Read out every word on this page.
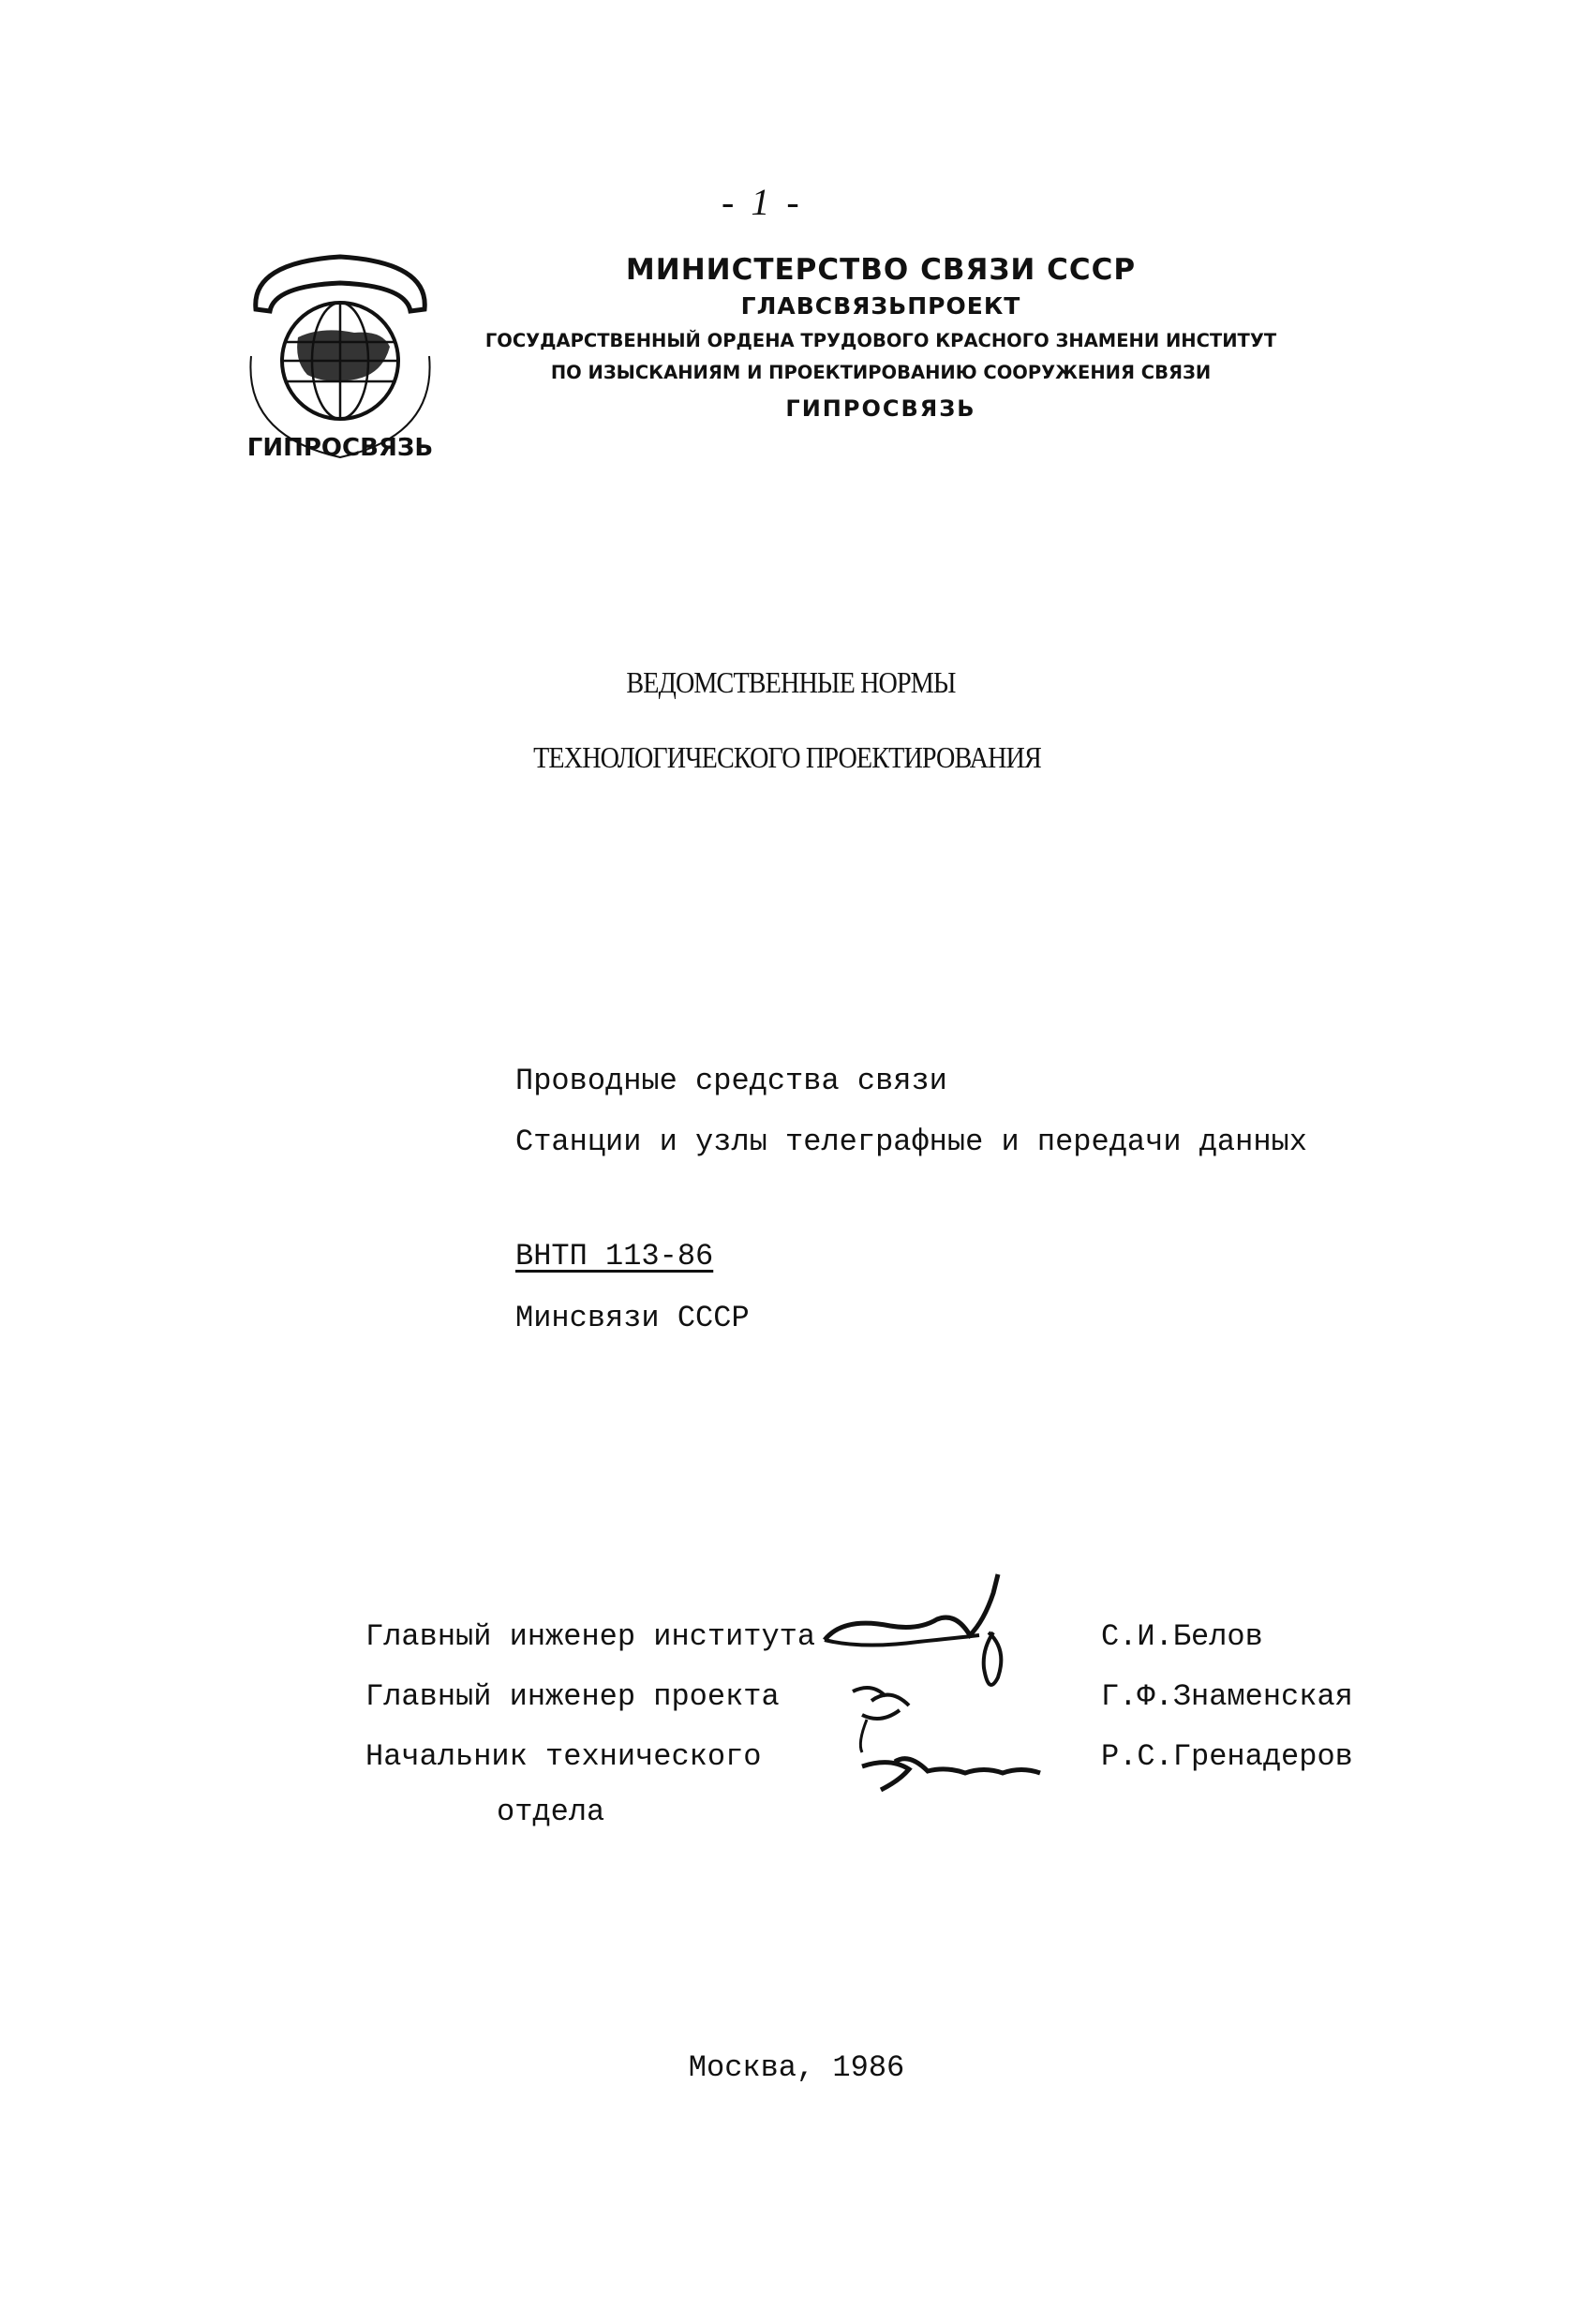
- 1 -
ГИПРОСВЯЗЬ
МИНИСТЕРСТВО СВЯЗИ СССР
ГЛАВСВЯЗЬПРОЕКТ
ГОСУДАРСТВЕННЫЙ ОРДЕНА ТРУДОВОГО КРАСНОГО ЗНАМЕНИ ИНСТИТУТ
ПО ИЗЫСКАНИЯМ И ПРОЕКТИРОВАНИЮ СООРУЖЕНИЯ СВЯЗИ
ГИПРОСВЯЗЬ
ВЕДОМСТВЕННЫЕ НОРМЫ
ТЕХНОЛОГИЧЕСКОГО ПРОЕКТИРОВАНИЯ
Проводные средства связи
Станции и узлы телеграфные и передачи данных
ВНТП 113-86
Минсвязи СССР
Главный инженер института
Главный инженер проекта
Начальник технического
отдела
С.И.Белов
Г.Ф.Знаменская
Р.С.Гренадеров
Москва, 1986
